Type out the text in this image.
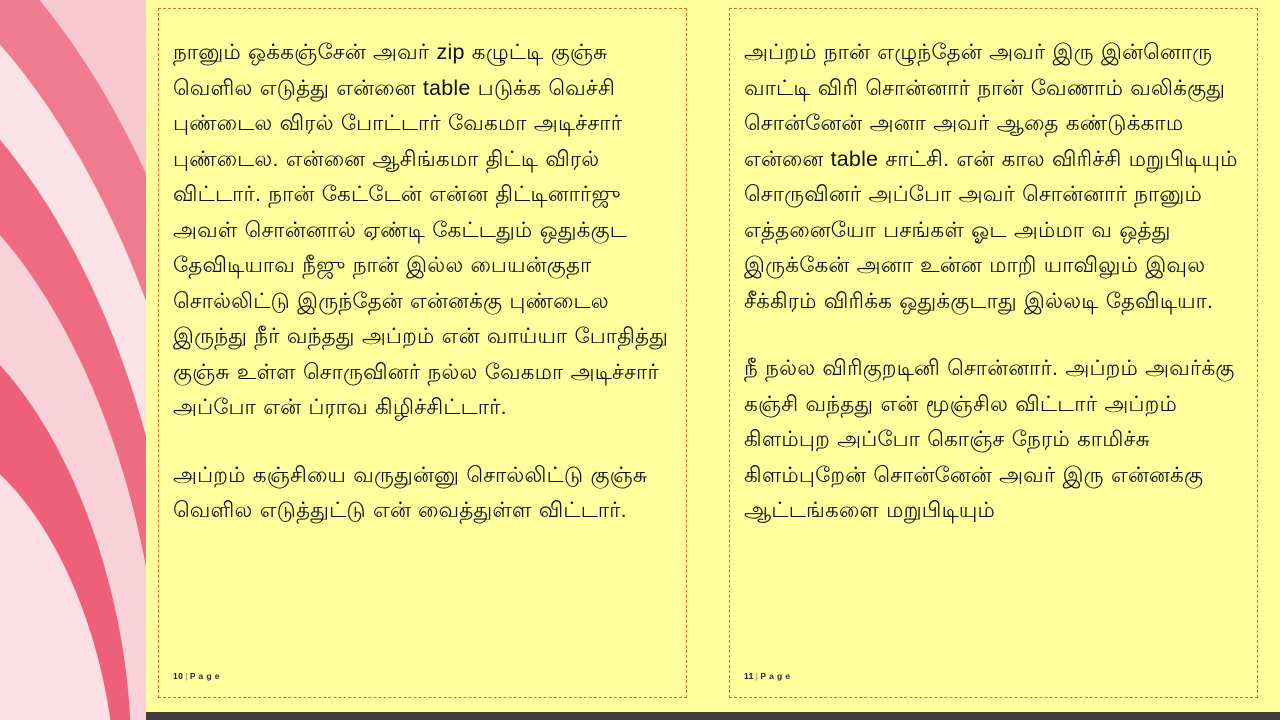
நானும் ஒக்கஞ்சேன் அவர் zip கழுட்டி குஞ்சு வெளில எடுத்து என்னை table படுக்க வெச்சி புண்டைல விரல் போட்டார் வேகமா அடிச்சார் புண்டைல. என்னை ஆசிங்கமா திட்டி விரல் விட்டார். நான் கேட்டேன் என்ன திட்டினார்ஜு அவள் சொன்னால் ஏண்டி கேட்டதும் ஒதுக்குட தேவிடியாவ நீஜு நான் இல்ல பையன்குதா சொல்லிட்டு இருந்தேன் என்னக்கு புண்டைல இருந்து நீர் வந்தது அப்றம் என் வாய்யா போதித்து குஞ்சு உள்ள சொருவினர் நல்ல வேகமா அடிச்சார் அப்போ என் ப்ராவ கிழிச்சிட்டார்.

அப்றம் கஞ்சியை வருதுன்னு சொல்லிட்டு குஞ்சு வெளில எடுத்துட்டு என் வைத்துள்ள விட்டார்.

10 | P a g e

அப்றம் நான் எழுந்தேன் அவர் இரு இன்னொரு வாட்டி விரி சொன்னார் நான் வேணாம் வலிக்குது சொன்னேன் அனா அவர் ஆதை கண்டுக்காம என்னை table சாட்சி. என் கால விரிச்சி மறுபிடியும் சொருவினர் அப்போ அவர் சொன்னார் நானும் எத்தனையோ பசங்கள் ஓட அம்மா வ ஒத்து இருக்கேன் அனா உன்ன மாறி யாவிலும் இவுல சீக்கிரம் விரிக்க ஒதுக்குடாது இல்லடி தேவிடியா.

நீ நல்ல விரிகுறடினி சொன்னார். அப்றம் அவர்க்கு கஞ்சி வந்தது என் மூஞ்சில விட்டார் அப்றம் கிளம்புற அப்போ கொஞ்ச நேரம் காமிச்சு கிளம்புறேன் சொன்னேன் அவர் இரு என்னக்கு ஆட்டங்களை மறுபிடியும்

11 | P a g e
